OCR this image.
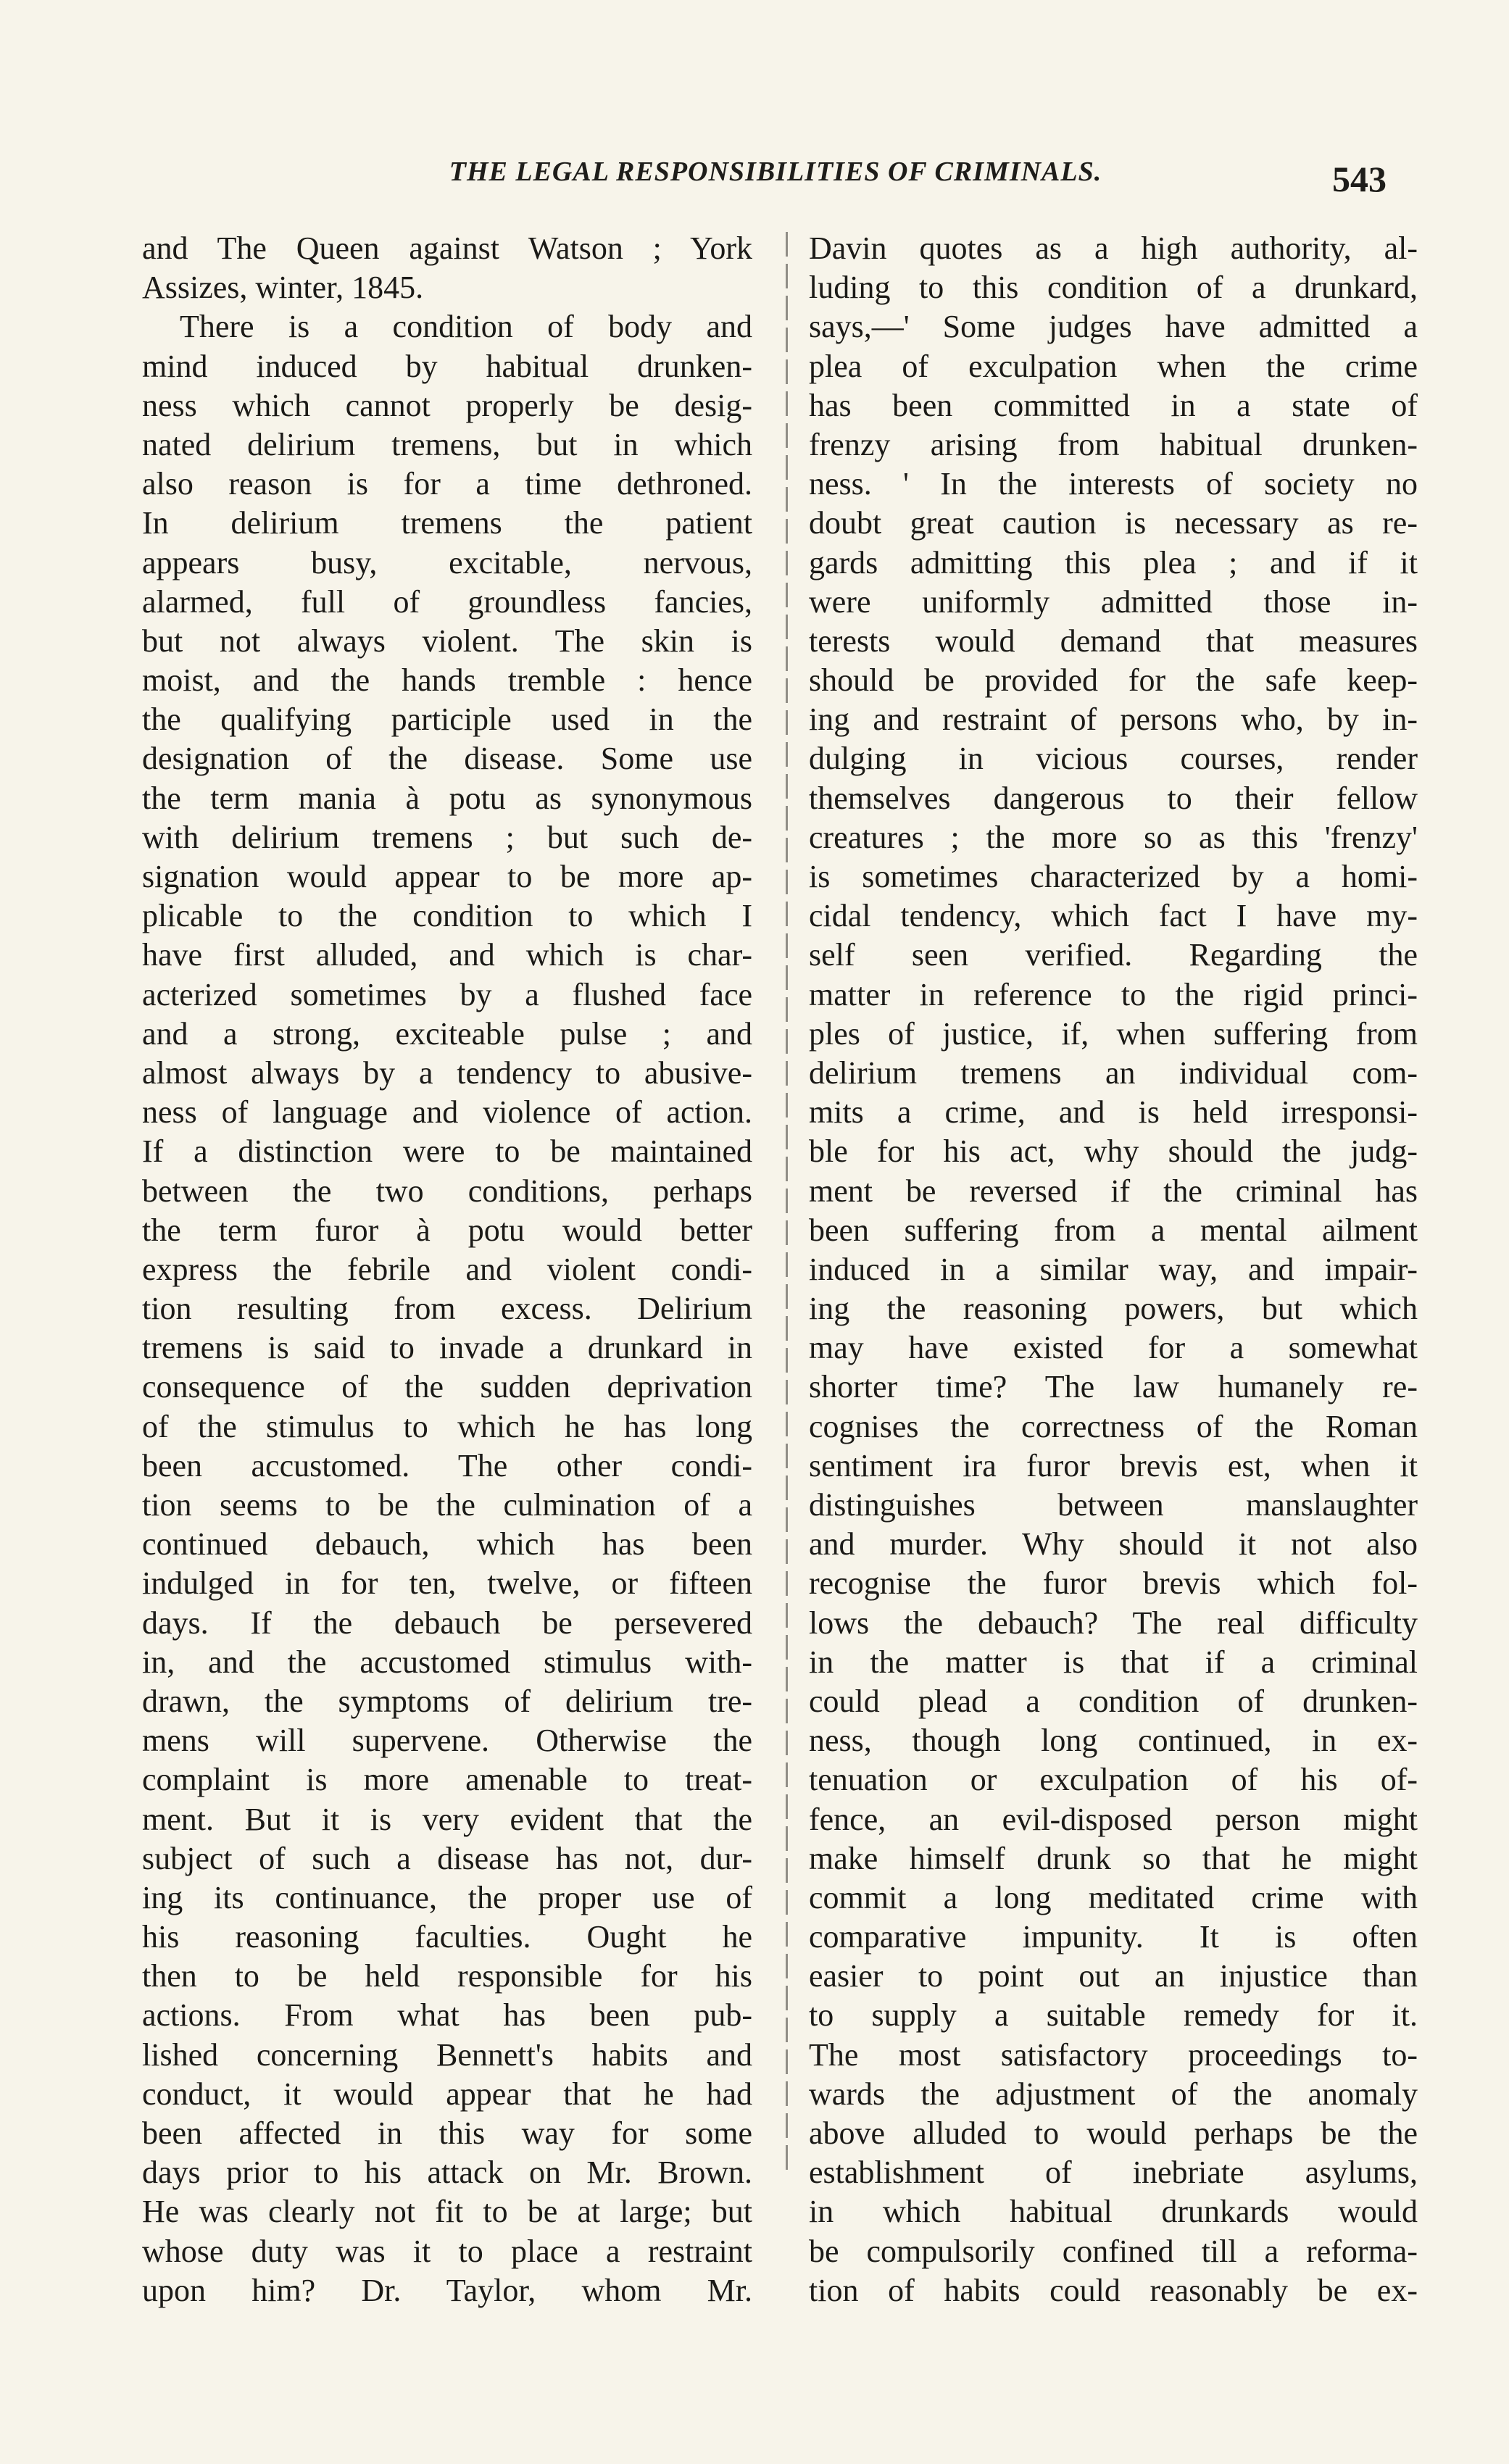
THE LEGAL RESPONSIBILITIES OF CRIMINALS.	543
and The Queen against Watson ; York
Assizes, winter, 1845.
There is a condition of body and
mind induced by habitual drunken-
ness which cannot properly be desig-
nated delirium tremens, but in which
also reason is for a time dethroned.
In delirium tremens the patient
appears busy, excitable, nervous,
alarmed, full of groundless fancies,
but not always violent. The skin is
moist, and the hands tremble : hence
the qualifying participle used in the
designation of the disease. Some use
the term mania à potu as synonymous
with delirium tremens ; but such de-
signation would appear to be more ap-
plicable to the condition to which I
have first alluded, and which is char-
acterized sometimes by a flushed face
and a strong, exciteable pulse ; and
almost always by a tendency to abusive-
ness of language and violence of action.
If a distinction were to be maintained
between the two conditions, perhaps
the term furor à potu would better
express the febrile and violent condi-
tion resulting from excess. Delirium
tremens is said to invade a drunkard in
consequence of the sudden deprivation
of the stimulus to which he has long
been accustomed. The other condi-
tion seems to be the culmination of a
continued debauch, which has been
indulged in for ten, twelve, or fifteen
days. If the debauch be persevered
in, and the accustomed stimulus with-
drawn, the symptoms of delirium tre-
mens will supervene. Otherwise the
complaint is more amenable to treat-
ment. But it is very evident that the
subject of such a disease has not, dur-
ing its continuance, the proper use of
his reasoning faculties. Ought he
then to be held responsible for his
actions. From what has been pub-
lished concerning Bennett's habits and
conduct, it would appear that he had
been affected in this way for some
days prior to his attack on Mr. Brown.
He was clearly not fit to be at large; but
whose duty was it to place a restraint
upon him? Dr. Taylor, whom Mr.
Davin quotes as a high authority, al-
luding to this condition of a drunkard,
says,—' Some judges have admitted a
plea of exculpation when the crime
has been committed in a state of
frenzy arising from habitual drunken-
ness. ' In the interests of society no
doubt great caution is necessary as re-
gards admitting this plea ; and if it
were uniformly admitted those in-
terests would demand that measures
should be provided for the safe keep-
ing and restraint of persons who, by in-
dulging in vicious courses, render
themselves dangerous to their fellow
creatures ; the more so as this 'frenzy'
is sometimes characterized by a homi-
cidal tendency, which fact I have my-
self seen verified. Regarding the
matter in reference to the rigid princi-
ples of justice, if, when suffering from
delirium tremens an individual com-
mits a crime, and is held irresponsi-
ble for his act, why should the judg-
ment be reversed if the criminal has
been suffering from a mental ailment
induced in a similar way, and impair-
ing the reasoning powers, but which
may have existed for a somewhat
shorter time? The law humanely re-
cognises the correctness of the Roman
sentiment ira furor brevis est, when it
distinguishes between manslaughter
and murder. Why should it not also
recognise the furor brevis which fol-
lows the debauch? The real difficulty
in the matter is that if a criminal
could plead a condition of drunken-
ness, though long continued, in ex-
tenuation or exculpation of his of-
fence, an evil-disposed person might
make himself drunk so that he might
commit a long meditated crime with
comparative impunity. It is often
easier to point out an injustice than
to supply a suitable remedy for it.
The most satisfactory proceedings to-
wards the adjustment of the anomaly
above alluded to would perhaps be the
establishment of inebriate asylums,
in which habitual drunkards would
be compulsorily confined till a reforma-
tion of habits could reasonably be ex-
